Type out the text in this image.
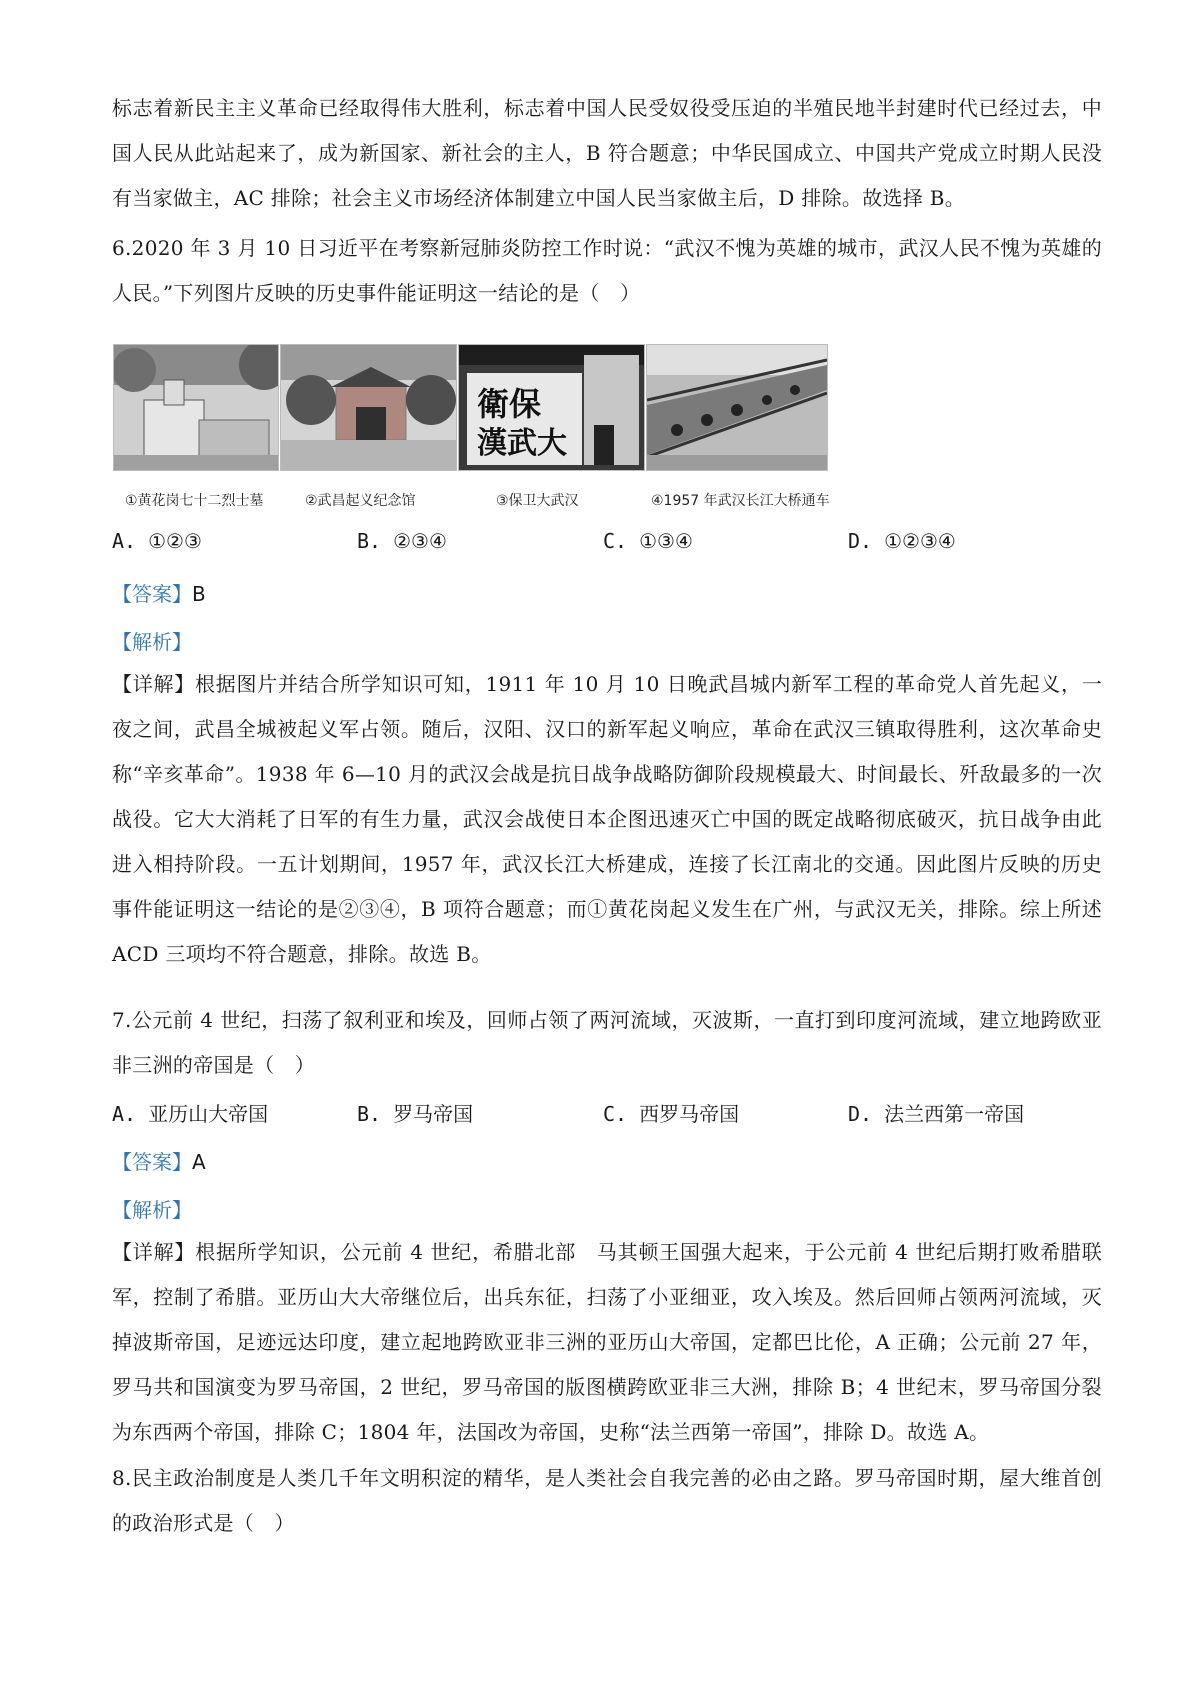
标志着新民主主义革命已经取得伟大胜利，标志着中国人民受奴役受压迫的半殖民地半封建时代已经过去，中国人民从此站起来了，成为新国家、新社会的主人，B 符合题意；中华民国成立、中国共产党成立时期人民没有当家做主，AC 排除；社会主义市场经济体制建立中国人民当家做主后，D 排除。故选择 B。
6.2020 年 3 月 10 日习近平在考察新冠肺炎防控工作时说：“武汉不愧为英雄的城市，武汉人民不愧为英雄的人民。”下列图片反映的历史事件能证明这一结论的是（　）
①黄花岗七十二烈士墓	②武昌起义纪念馆
衛保
漢武大
③保卫大武汉	④1957 年武汉长江大桥通车
A. ①②③	B. ②③④	C. ①③④	D. ①②③④
【答案】B
【解析】
【详解】根据图片并结合所学知识可知，1911 年 10 月 10 日晚武昌城内新军工程的革命党人首先起义，一夜之间，武昌全城被起义军占领。随后，汉阳、汉口的新军起义响应，革命在武汉三镇取得胜利，这次革命史称“辛亥革命”。1938 年 6—10 月的武汉会战是抗日战争战略防御阶段规模最大、时间最长、歼敌最多的一次战役。它大大消耗了日军的有生力量，武汉会战使日本企图迅速灭亡中国的既定战略彻底破灭，抗日战争由此进入相持阶段。一五计划期间，1957 年，武汉长江大桥建成，连接了长江南北的交通。因此图片反映的历史事件能证明这一结论的是②③④，B 项符合题意；而①黄花岗起义发生在广州，与武汉无关，排除。综上所述 ACD 三项均不符合题意，排除。故选 B。
7.公元前 4 世纪，扫荡了叙利亚和埃及，回师占领了两河流域，灭波斯，一直打到印度河流域，建立地跨欧亚非三洲的帝国是（　）
A. 亚历山大帝国	B. 罗马帝国	C. 西罗马帝国	D. 法兰西第一帝国
【答案】A
【解析】
【详解】根据所学知识，公元前 4 世纪，希腊北部　马其顿王国强大起来，于公元前 4 世纪后期打败希腊联军，控制了希腊。亚历山大大帝继位后，出兵东征，扫荡了小亚细亚，攻入埃及。然后回师占领两河流域，灭掉波斯帝国，足迹远达印度，建立起地跨欧亚非三洲的亚历山大帝国，定都巴比伦，A 正确；公元前 27 年，罗马共和国演变为罗马帝国，2 世纪，罗马帝国的版图横跨欧亚非三大洲，排除 B；4 世纪末，罗马帝国分裂为东西两个帝国，排除 C；1804 年，法国改为帝国，史称“法兰西第一帝国”，排除 D。故选 A。
8.民主政治制度是人类几千年文明积淀的精华，是人类社会自我完善的必由之路。罗马帝国时期，屋大维首创的政治形式是（　）
